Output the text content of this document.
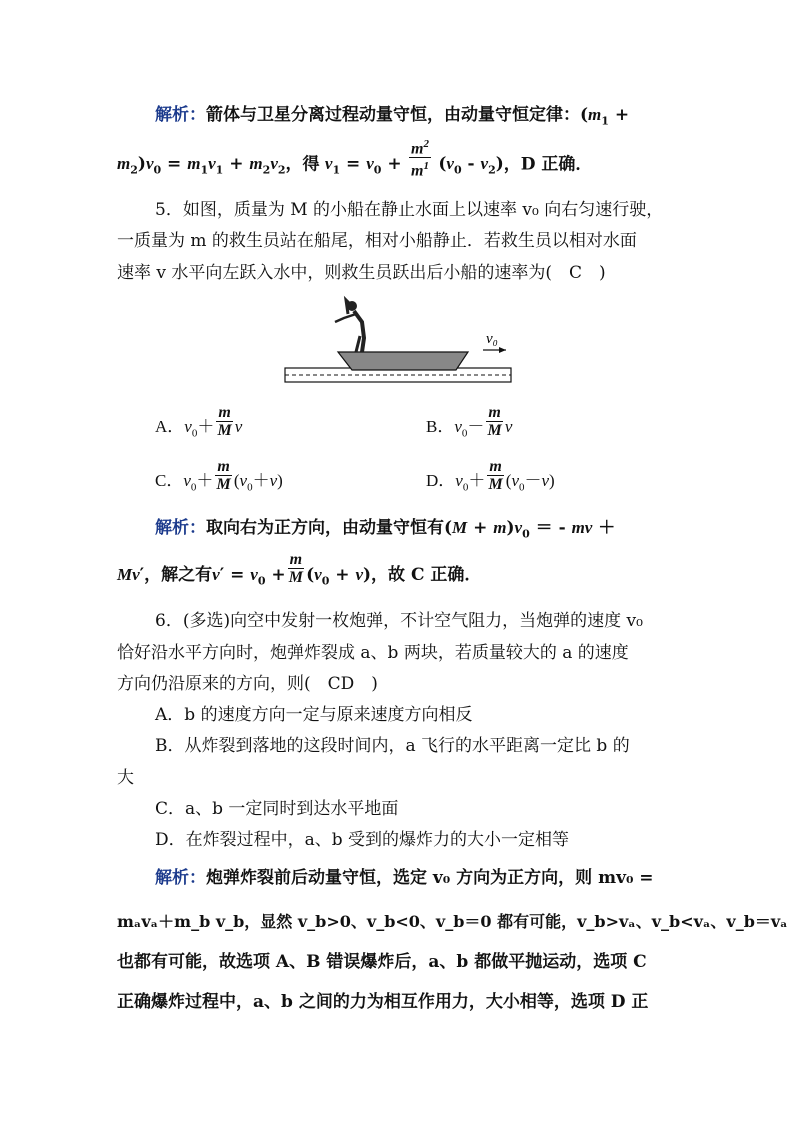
解析：箭体与卫星分离过程动量守恒，由动量守恒定律：($m_1$ +
$m_2)v_0 = m_1v_1 + m_2v_2$，得 $v_1 = v_0 + \frac{m^2}{m^1} (v_0 - v_2)$，D 正确．
5．如图，质量为 M 的小船在静止水面上以速率 v₀ 向右匀速行驶，
一质量为 m 的救生员站在船尾，相对小船静止．若救生员以相对水面
速率 v 水平向左跃入水中，则救生员跃出后小船的速率为(　C　)
v₀
A．$v_0+ \frac{m}{M}$ v	B．$v_0- \frac{m}{M}$ v
C．$v_0+ \frac{m}{M} (v_0+v)$	D．$v_0+ \frac{m}{M} (v_0-v)$
解析：取向右为正方向，由动量守恒有$(M + m)v_0$ ＝ - mv ＋
Mv′，解之有$v' = v_0 + \frac{m}{M} (v_0 + v)$，故 C 正确．
6．(多选)向空中发射一枚炮弹，不计空气阻力，当炮弹的速度 v₀
恰好沿水平方向时，炮弹炸裂成 a、b 两块，若质量较大的 a 的速度
方向仍沿原来的方向，则(　CD　)
A．b 的速度方向一定与原来速度方向相反
B．从炸裂到落地的这段时间内，a 飞行的水平距离一定比 b 的
大
C．a、b 一定同时到达水平地面
D．在炸裂过程中，a、b 受到的爆炸力的大小一定相等
解析：炮弹炸裂前后动量守恒，选定 v₀ 方向为正方向，则 mv₀ =
mₐvₐ＋m_b v_b，显然 v_b>0、v_b<0、v_b＝0 都有可能，v_b>vₐ、v_b<vₐ、v_b＝vₐ
也都有可能，故选项 A、B 错误爆炸后，a、b 都做平抛运动，选项 C
正确爆炸过程中，a、b 之间的力为相互作用力，大小相等，选项 D 正
